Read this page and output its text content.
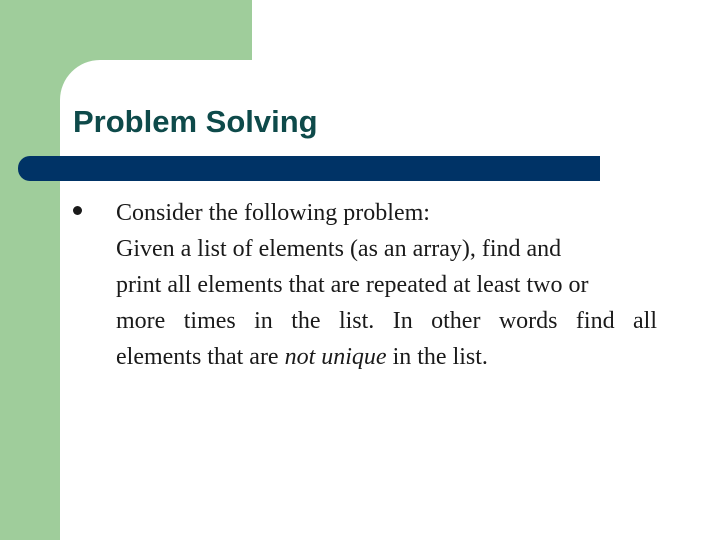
Problem Solving
Consider the following problem:
Given a list of elements (as an array), find and
print all elements that are repeated at least two or
more times in the list. In other words find all
elements that are not unique in the list.
